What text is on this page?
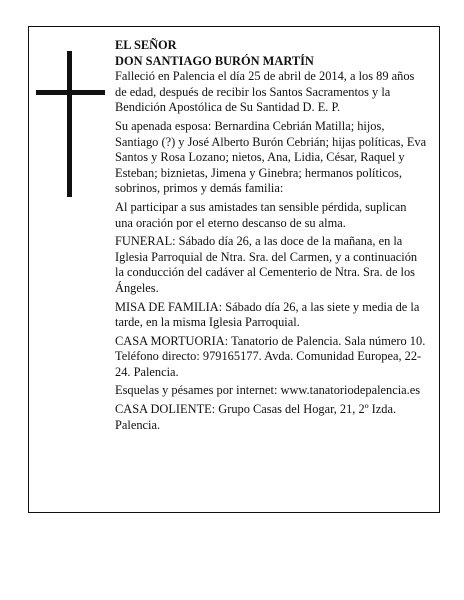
EL SEÑOR
DON SANTIAGO BURÓN MARTÍN
Falleció en Palencia el día 25 de abril de 2014, a los 89 años de edad, después de recibir los Santos Sacramentos y la Bendición Apostólica de Su Santidad D. E. P.
Su apenada esposa: Bernardina Cebrián Matilla; hijos, Santiago (?) y José Alberto Burón Cebrián; hijas políticas, Eva Santos y Rosa Lozano; nietos, Ana, Lidia, César, Raquel y Esteban; biznietas, Jimena y Ginebra; hermanos políticos, sobrinos, primos y demás familia:
Al participar a sus amistades tan sensible pérdida, suplican una oración por el eterno descanso de su alma.
FUNERAL: Sábado día 26, a las doce de la mañana, en la Iglesia Parroquial de Ntra. Sra. del Carmen, y a continuación la conducción del cadáver al Cementerio de Ntra. Sra. de los Ángeles.
MISA DE FAMILIA: Sábado día 26, a las siete y media de la tarde, en la misma Iglesia Parroquial.
CASA MORTUORIA: Tanatorio de Palencia. Sala número 10. Teléfono directo: 979165177. Avda. Comunidad Europea, 22-24. Palencia.
Esquelas y pésames por internet: www.tanatoriodepalencia.es
CASA DOLIENTE: Grupo Casas del Hogar, 21, 2º Izda. Palencia.
